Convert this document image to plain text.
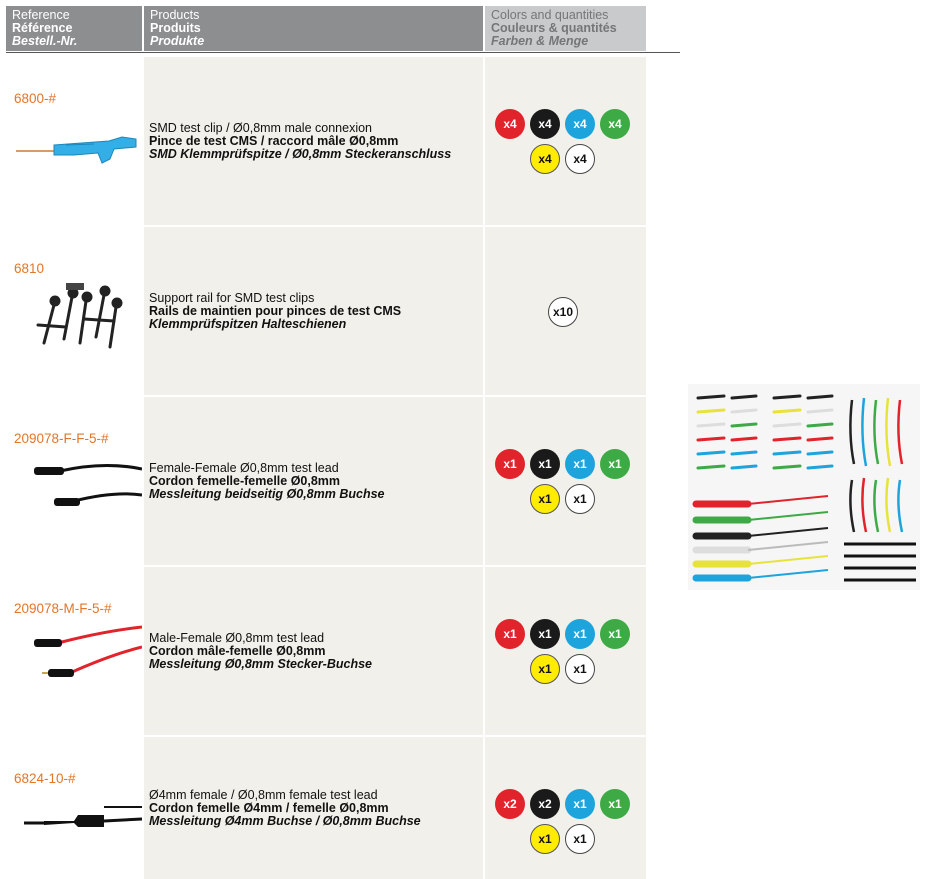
Reference
Référence
Bestell.-Nr.
Products
Produits
Produkte
Colors and quantities
Couleurs & quantités
Farben & Menge
6800-#
SMD test clip / Ø0,8mm male connexion
Pince de test CMS / raccord mâle Ø0,8mm
SMD Klemmprüfspitze / Ø0,8mm Steckeranschluss
x4	x4	x4	x4
x4	x4
6810
Support rail for SMD test clips
Rails de maintien pour pinces de test CMS
Klemmprüfspitzen Halteschienen
x10
209078-F-F-5-#
Female-Female Ø0,8mm test lead
Cordon femelle-femelle Ø0,8mm
Messleitung beidseitig Ø0,8mm Buchse
x1	x1	x1	x1
x1	x1
209078-M-F-5-#
Male-Female Ø0,8mm test lead
Cordon mâle-femelle Ø0,8mm
Messleitung Ø0,8mm Stecker-Buchse
x1	x1	x1	x1
x1	x1
6824-10-#
Ø4mm female / Ø0,8mm female test lead
Cordon femelle Ø4mm / femelle Ø0,8mm
Messleitung Ø4mm Buchse / Ø0,8mm Buchse
x2	x2	x1	x1
x1	x1
